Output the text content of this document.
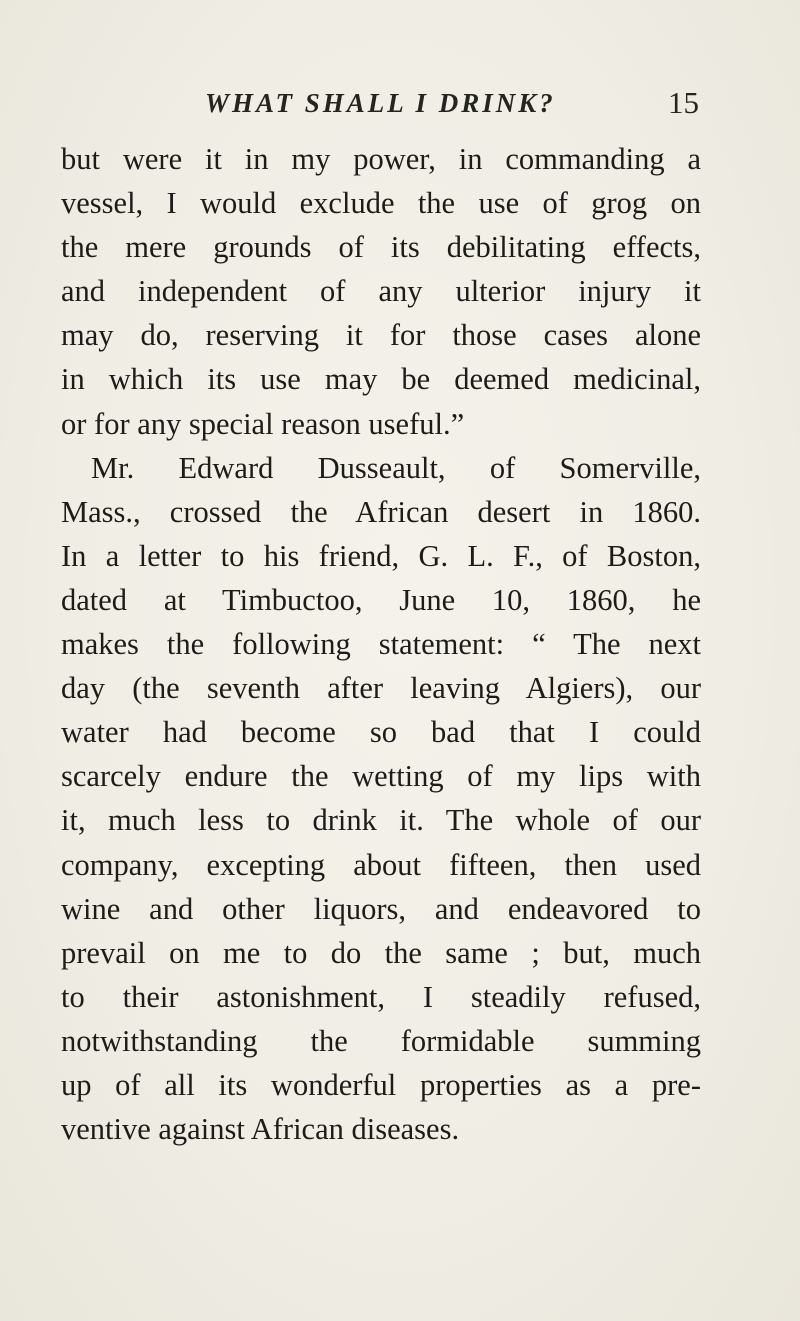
WHAT SHALL I DRINK?	15
but were it in my power, in commanding a
vessel, I would exclude the use of grog on
the mere grounds of its debilitating effects,
and independent of any ulterior injury it
may do, reserving it for those cases alone
in which its use may be deemed medicinal,
or for any special reason useful.”
Mr. Edward Dusseault, of Somerville,
Mass., crossed the African desert in 1860.
In a letter to his friend, G. L. F., of Boston,
dated at Timbuctoo, June 10, 1860, he
makes the following statement: “ The next
day (the seventh after leaving Algiers), our
water had become so bad that I could
scarcely endure the wetting of my lips with
it, much less to drink it. The whole of our
company, excepting about fifteen, then used
wine and other liquors, and endeavored to
prevail on me to do the same ; but, much
to their astonishment, I steadily refused,
notwithstanding the formidable summing
up of all its wonderful properties as a pre-
ventive against African diseases.
